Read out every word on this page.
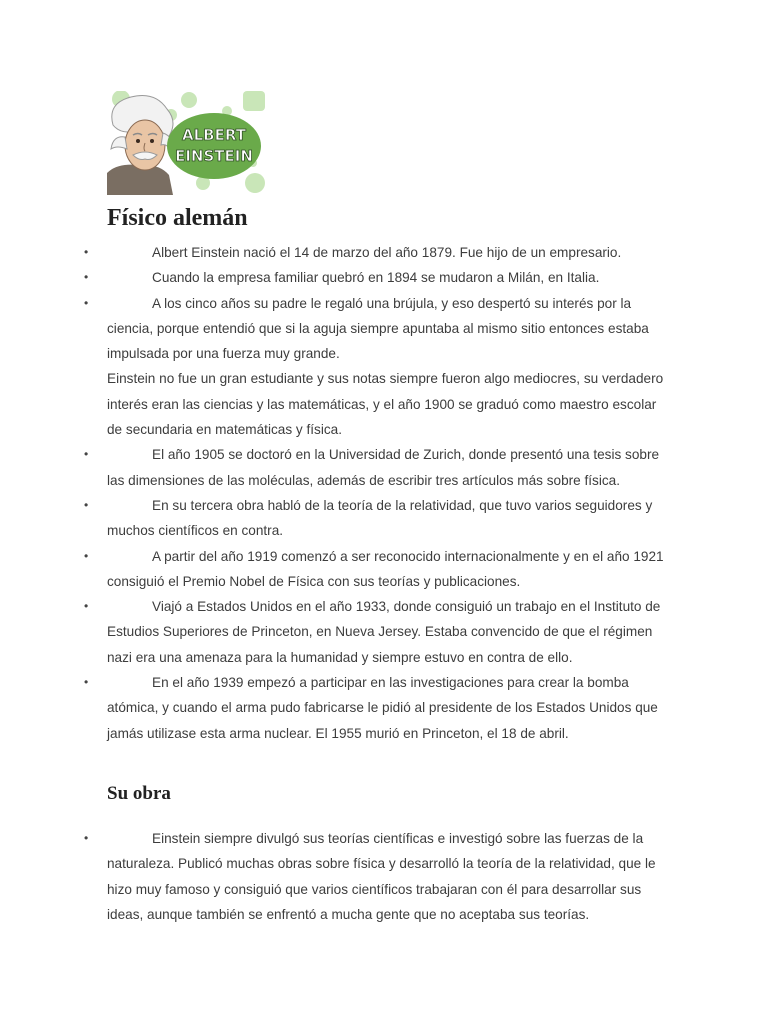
ALBERT
EINSTEIN
Físico alemán
•	Albert Einstein nació el 14 de marzo del año 1879. Fue hijo de un empresario.

•	Cuando la empresa familiar quebró en 1894 se mudaron a Milán, en Italia.

•	A los cinco años su padre le regaló una brújula, y eso despertó su interés por la ciencia, porque entendió que si la aguja siempre apuntaba al mismo sitio entonces estaba impulsada por una fuerza muy grande.

Einstein no fue un gran estudiante y sus notas siempre fueron algo mediocres, su verdadero interés eran las ciencias y las matemáticas, y el año 1900 se graduó como maestro escolar de secundaria en matemáticas y física.

•	El año 1905 se doctoró en la Universidad de Zurich, donde presentó una tesis sobre las dimensiones de las moléculas, además de escribir tres artículos más sobre física.

•	En su tercera obra habló de la teoría de la relatividad, que tuvo varios seguidores y muchos científicos en contra.

•	A partir del año 1919 comenzó a ser reconocido internacionalmente y en el año 1921 consiguió el Premio Nobel de Física con sus teorías y publicaciones.

•	Viajó a Estados Unidos en el año 1933, donde consiguió un trabajo en el Instituto de Estudios Superiores de Princeton, en Nueva Jersey. Estaba convencido de que el régimen nazi era una amenaza para la humanidad y siempre estuvo en contra de ello.

•	En el año 1939 empezó a participar en las investigaciones para crear la bomba atómica, y cuando el arma pudo fabricarse le pidió al presidente de los Estados Unidos que jamás utilizase esta arma nuclear. El 1955 murió en Princeton, el 18 de abril.

Su obra
•	Einstein siempre divulgó sus teorías científicas e investigó sobre las fuerzas de la naturaleza. Publicó muchas obras sobre física y desarrolló la teoría de la relatividad, que le hizo muy famoso y consiguió que varios científicos trabajaran con él para desarrollar sus ideas, aunque también se enfrentó a mucha gente que no aceptaba sus teorías.
